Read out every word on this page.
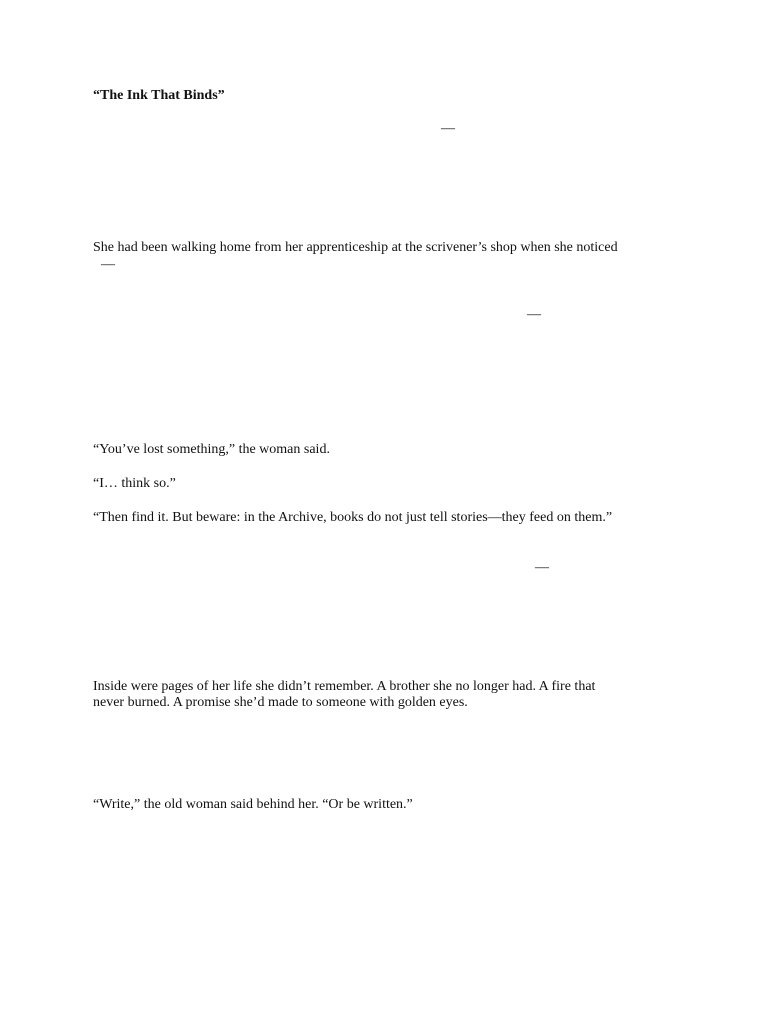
“The Ink That Binds”
—
She had been walking home from her apprenticeship at the scrivener’s shop when she noticed
—
—
“You’ve lost something,” the woman said.
“I… think so.”
“Then find it. But beware: in the Archive, books do not just tell stories—they feed on them.”
—
Inside were pages of her life she didn’t remember. A brother she no longer had. A fire that
never burned. A promise she’d made to someone with golden eyes.
“Write,” the old woman said behind her. “Or be written.”
